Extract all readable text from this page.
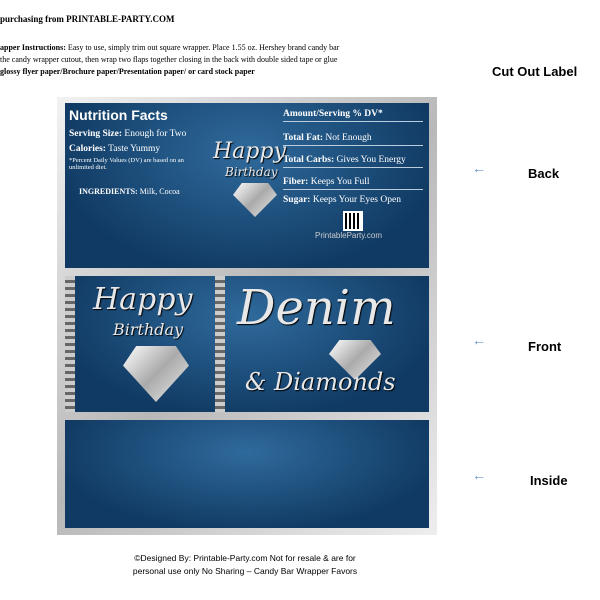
purchasing from PRINTABLE-PARTY.COM
apper Instructions: Easy to use, simply trim out square wrapper. Place 1.55 oz. Hershey brand candy bar
the candy wrapper cutout, then wrap two flaps together closing in the back with double sided tape or glue
glossy flyer paper/Brochure paper/Presentation paper/ or card stock paper	Cut Out Label
←	Back
←	Front
←	Inside
Nutrition Facts
Serving Size: Enough for Two
Calories: Taste Yummy
*Percent Daily Values (DV) are based on an unlimited diet.
INGREDIENTS: Milk, Cocoa
Happy
Birthday
Amount/Serving % DV*
Total Fat: Not Enough
Total Carbs: Gives You Energy
Fiber: Keeps You Full
Sugar: Keeps Your Eyes Open
PrintableParty.com
Happy
Birthday Denim
& Diamonds
©Designed By: Printable-Party.com Not for resale & are for
personal use only No Sharing – Candy Bar Wrapper Favors
